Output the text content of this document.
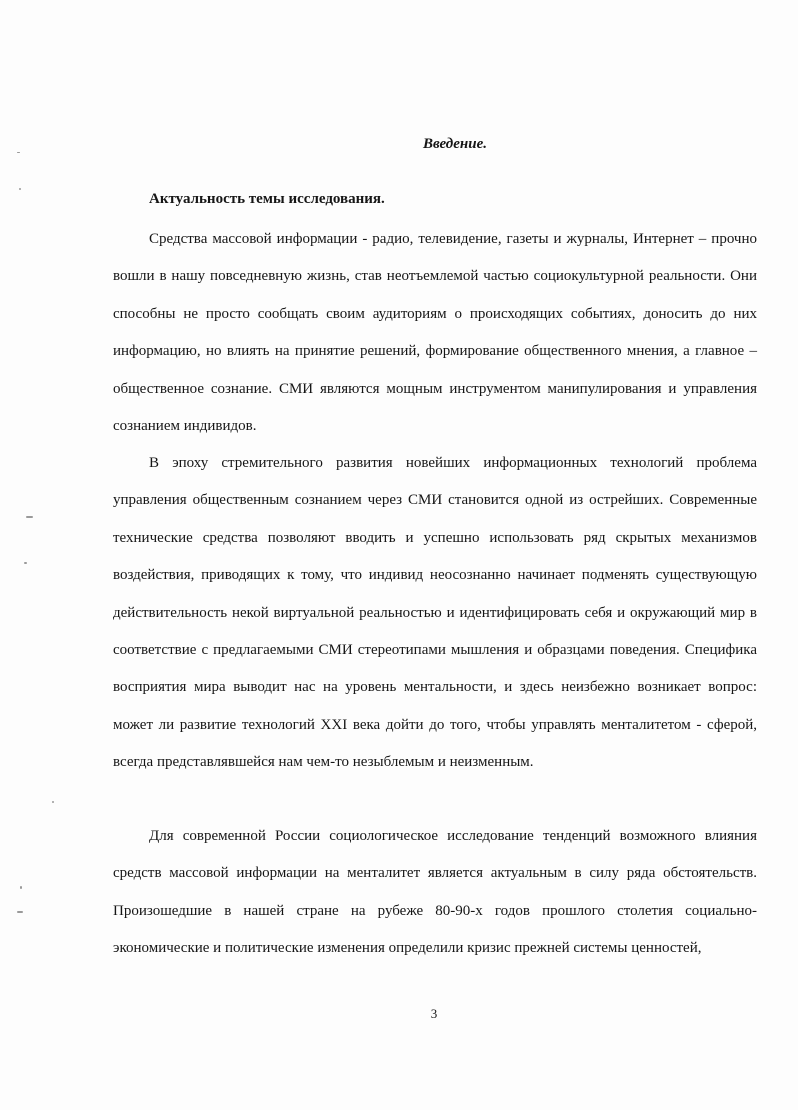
Введение.
Актуальность темы исследования.

Средства массовой информации - радио, телевидение, газеты и журналы, Интернет – прочно вошли в нашу повседневную жизнь, став неотъемлемой частью социокультурной реальности. Они способны не просто сообщать своим аудиториям о происходящих событиях, доносить до них информацию, но влиять на принятие решений, формирование общественного мнения, а главное – общественное сознание. СМИ являются мощным инструментом манипулирования и управления сознанием индивидов.

В эпоху стремительного развития новейших информационных технологий проблема управления общественным сознанием через СМИ становится одной из острейших. Современные технические средства позволяют вводить и успешно использовать ряд скрытых механизмов воздействия, приводящих к тому, что индивид неосознанно начинает подменять существующую действительность некой виртуальной реальностью и идентифицировать себя и окружающий мир в соответствие с предлагаемыми СМИ стереотипами мышления и образцами поведения. Специфика восприятия мира выводит нас на уровень ментальности, и здесь неизбежно возникает вопрос: может ли развитие технологий XXI века дойти до того, чтобы управлять менталитетом - сферой, всегда представлявшейся нам чем-то незыблемым и неизменным.

Для современной России социологическое исследование тенденций возможного влияния средств массовой информации на менталитет является актуальным в силу ряда обстоятельств. Произошедшие в нашей стране на рубеже 80-90-х годов прошлого столетия социально-экономические и политические изменения определили кризис прежней системы ценностей,

3
